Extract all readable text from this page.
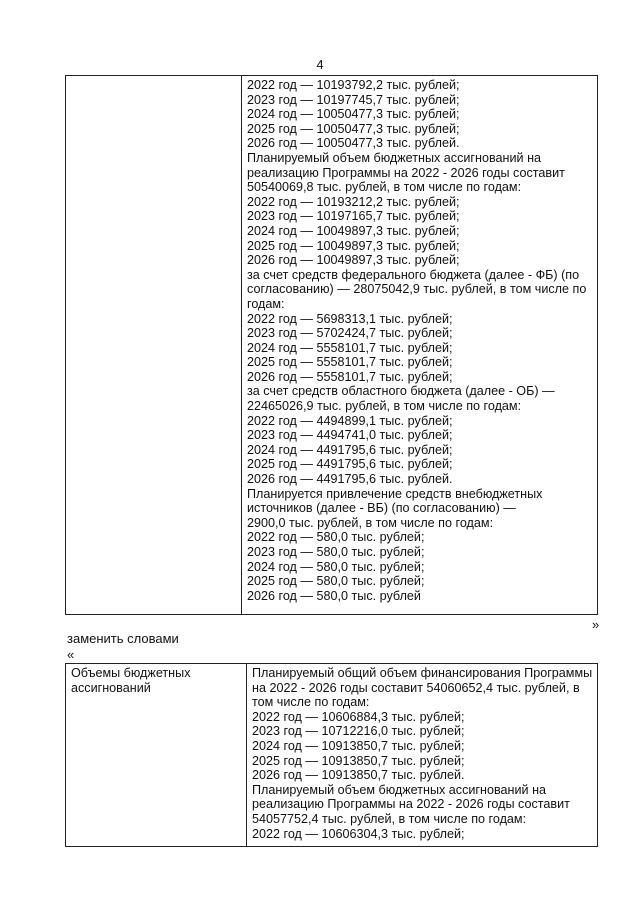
4

2022 год — 10193792,2 тыс. рублей;
2023 год — 10197745,7 тыс. рублей;
2024 год — 10050477,3 тыс. рублей;
2025 год — 10050477,3 тыс. рублей;
2026 год — 10050477,3 тыс. рублей.
Планируемый объем бюджетных ассигнований на
реализацию Программы на 2022 - 2026 годы составит
50540069,8 тыс. рублей, в том числе по годам:
2022 год — 10193212,2 тыс. рублей;
2023 год — 10197165,7 тыс. рублей;
2024 год — 10049897,3 тыс. рублей;
2025 год — 10049897,3 тыс. рублей;
2026 год — 10049897,3 тыс. рублей;
за счет средств федерального бюджета (далее - ФБ) (по
согласованию) — 28075042,9 тыс. рублей, в том числе по
годам:
2022 год — 5698313,1 тыс. рублей;
2023 год — 5702424,7 тыс. рублей;
2024 год — 5558101,7 тыс. рублей;
2025 год — 5558101,7 тыс. рублей;
2026 год — 5558101,7 тыс. рублей;
за счет средств областного бюджета (далее - ОБ) —
22465026,9 тыс. рублей, в том числе по годам:
2022 год — 4494899,1 тыс. рублей;
2023 год — 4494741,0 тыс. рублей;
2024 год — 4491795,6 тыс. рублей;
2025 год — 4491795,6 тыс. рублей;
2026 год — 4491795,6 тыс. рублей.
Планируется привлечение средств внебюджетных
источников (далее - ВБ) (по согласованию) —
2900,0 тыс. рублей, в том числе по годам:
2022 год — 580,0 тыс. рублей;
2023 год — 580,0 тыс. рублей;
2024 год — 580,0 тыс. рублей;
2025 год — 580,0 тыс. рублей;
2026 год — 580,0 тыс. рублей
»
заменить словами
«
Объемы бюджетных ассигнований	
Планируемый общий объем финансирования Программы
на 2022 - 2026 годы составит 54060652,4 тыс. рублей, в
том числе по годам:
2022 год — 10606884,3 тыс. рублей;
2023 год — 10712216,0 тыс. рублей;
2024 год — 10913850,7 тыс. рублей;
2025 год — 10913850,7 тыс. рублей;
2026 год — 10913850,7 тыс. рублей.
Планируемый объем бюджетных ассигнований на
реализацию Программы на 2022 - 2026 годы составит
54057752,4 тыс. рублей, в том числе по годам:
2022 год — 10606304,3 тыс. рублей;
